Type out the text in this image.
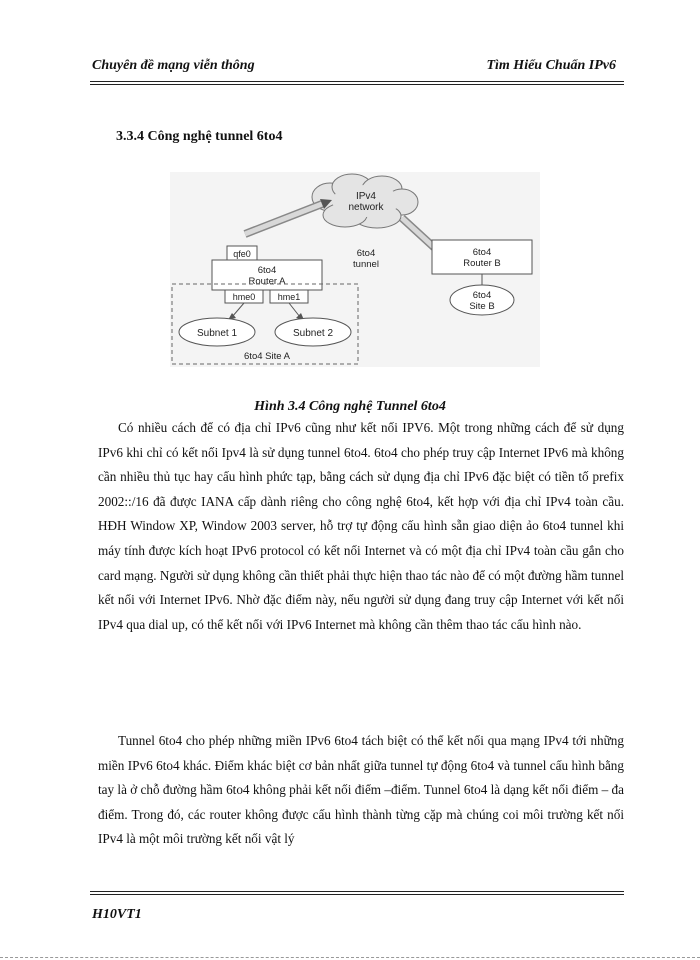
Chuyên đề mạng viễn thông	Tìm Hiểu Chuẩn IPv6
3.3.4 Công nghệ tunnel 6to4
IPv4
network
6to4
tunnel
qfe0
6to4
Router A
hme0 hme1
Subnet 1	Subnet 2
6to4 Site A
6to4
Router B
6to4
Site B
Hình 3.4 Công nghệ Tunnel 6to4

Có nhiều cách để có địa chỉ IPv6 cũng như kết nối IPV6. Một trong những cách để sử dụng IPv6 khi chỉ có kết nối Ipv4 là sử dụng tunnel 6to4. 6to4 cho phép truy cập Internet IPv6 mà không cần nhiều thủ tục hay cấu hình phức tạp, bằng cách sử dụng địa chỉ IPv6 đặc biệt có tiền tố prefix 2002::/16 đã được IANA cấp dành riêng cho công nghệ 6to4, kết hợp với địa chỉ IPv4 toàn cầu. HĐH Window XP, Window 2003 server, hỗ trợ tự động cấu hình sẵn giao diện ảo 6to4 tunnel khi máy tính được kích hoạt IPv6 protocol có kết nối Internet và có một địa chỉ IPv4 toàn cầu gắn cho card mạng. Người sử dụng không cần thiết phải thực hiện thao tác nào để có một đường hầm tunnel kết nối với Internet IPv6. Nhờ đặc điểm này, nếu người sử dụng đang truy cập Internet với kết nối IPv4 qua dial up, có thể kết nối với IPv6 Internet mà không cần thêm thao tác cấu hình nào.

Tunnel 6to4 cho phép những miền IPv6 6to4 tách biệt có thể kết nối qua mạng IPv4 tới những miền IPv6 6to4 khác. Điểm khác biệt cơ bản nhất giữa tunnel tự động 6to4 và tunnel cấu hình bằng tay là ở chỗ đường hầm 6to4 không phải kết nối điểm –điểm. Tunnel 6to4 là dạng kết nối điểm – đa điểm. Trong đó, các router không được cấu hình thành từng cặp mà chúng coi môi trường kết nối IPv4 là một môi trường kết nối vật lý

H10VT1
